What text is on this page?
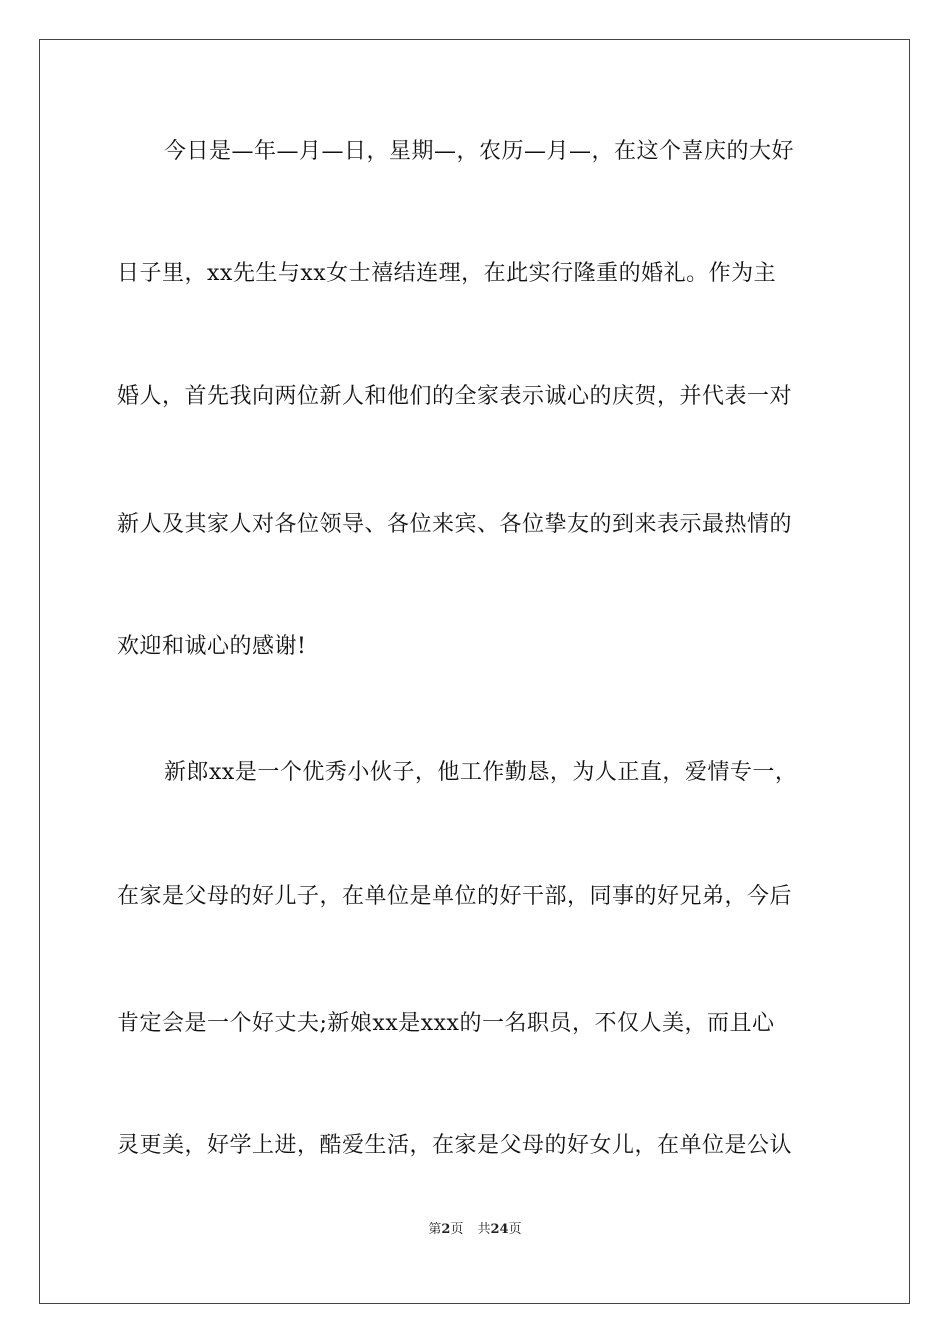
今日是—年—月—日，星期—，农历—月—，在这个喜庆的大好
日子里，xx先生与xx女士禧结连理，在此实行隆重的婚礼。作为主
婚人，首先我向两位新人和他们的全家表示诚心的庆贺，并代表一对
新人及其家人对各位领导、各位来宾、各位挚友的到来表示最热情的
欢迎和诚心的感谢!
新郎xx是一个优秀小伙子，他工作勤恳，为人正直，爱情专一，
在家是父母的好儿子，在单位是单位的好干部，同事的好兄弟，今后
肯定会是一个好丈夫;新娘xx是xxx的一名职员，不仅人美，而且心
灵更美，好学上进，酷爱生活，在家是父母的好女儿，在单位是公认
第2页 共24页
